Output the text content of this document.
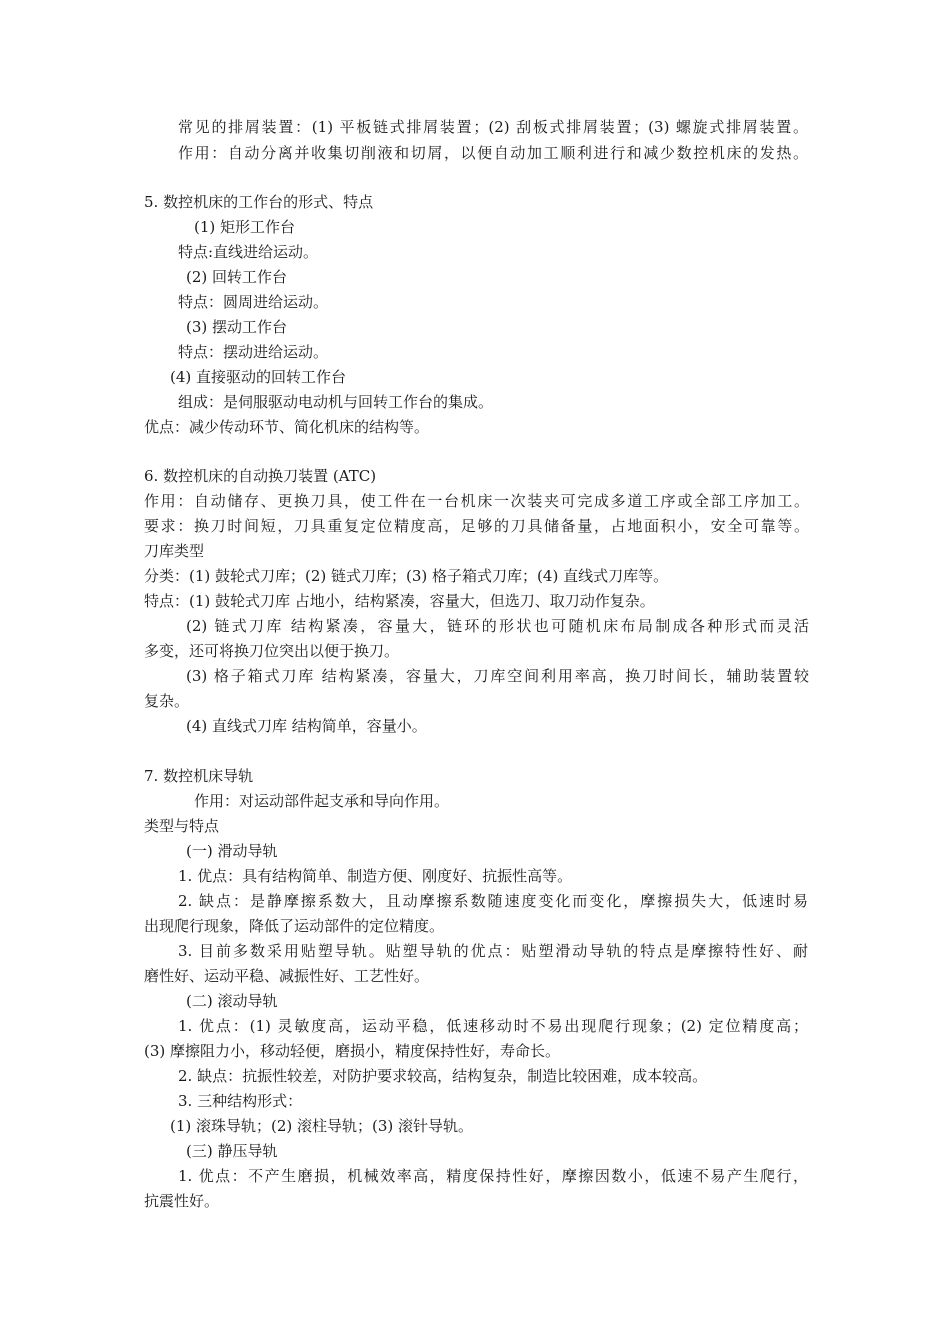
常见的排屑装置：(1) 平板链式排屑装置；(2) 刮板式排屑装置；(3) 螺旋式排屑装置。
作用：自动分离并收集切削液和切屑，以便自动加工顺利进行和减少数控机床的发热。
5. 数控机床的工作台的形式、特点
(1) 矩形工作台
特点:直线进给运动。
(2) 回转工作台
特点：圆周进给运动。
(3) 摆动工作台
特点：摆动进给运动。
(4) 直接驱动的回转工作台
组成：是伺服驱动电动机与回转工作台的集成。
优点：减少传动环节、简化机床的结构等。
6. 数控机床的自动换刀装置 (ATC)
作用：自动储存、更换刀具，使工件在一台机床一次装夹可完成多道工序或全部工序加工。
要求：换刀时间短，刀具重复定位精度高，足够的刀具储备量，占地面积小，安全可靠等。
刀库类型
分类：(1) 鼓轮式刀库；(2) 链式刀库；(3) 格子箱式刀库；(4) 直线式刀库等。
特点：(1) 鼓轮式刀库 占地小，结构紧凑，容量大，但选刀、取刀动作复杂。
(2) 链式刀库 结构紧凑，容量大，链环的形状也可随机床布局制成各种形式而灵活
多变，还可将换刀位突出以便于换刀。
(3) 格子箱式刀库 结构紧凑，容量大，刀库空间利用率高，换刀时间长，辅助装置较
复杂。
(4) 直线式刀库 结构简单，容量小。
7. 数控机床导轨
作用：对运动部件起支承和导向作用。
类型与特点
(一) 滑动导轨
1. 优点：具有结构简单、制造方便、刚度好、抗振性高等。
2. 缺点：是静摩擦系数大，且动摩擦系数随速度变化而变化，摩擦损失大，低速时易
出现爬行现象，降低了运动部件的定位精度。
3. 目前多数采用贴塑导轨。贴塑导轨的优点：贴塑滑动导轨的特点是摩擦特性好、耐
磨性好、运动平稳、减振性好、工艺性好。
(二) 滚动导轨
1. 优点：(1) 灵敏度高，运动平稳，低速移动时不易出现爬行现象；(2) 定位精度高；
(3) 摩擦阻力小，移动轻便，磨损小，精度保持性好，寿命长。
2. 缺点：抗振性较差，对防护要求较高，结构复杂，制造比较困难，成本较高。
3. 三种结构形式：
(1) 滚珠导轨；(2) 滚柱导轨；(3) 滚针导轨。
(三) 静压导轨
1. 优点：不产生磨损，机械效率高，精度保持性好，摩擦因数小，低速不易产生爬行，
抗震性好。
